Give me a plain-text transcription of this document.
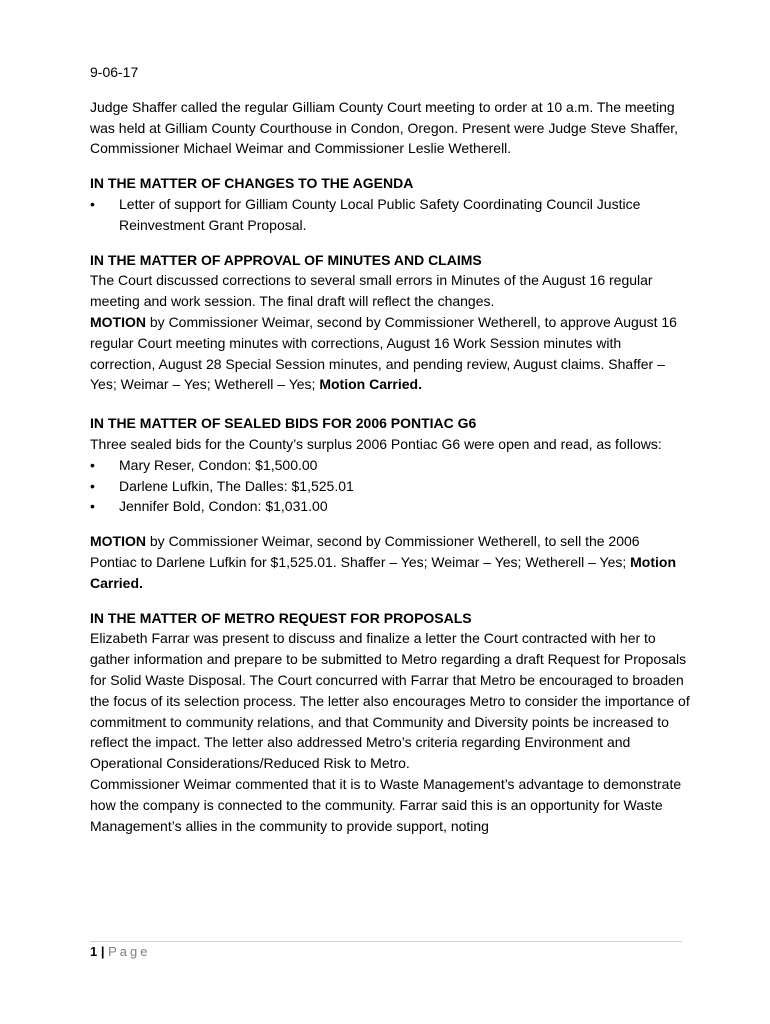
9-06-17

Judge Shaffer called the regular Gilliam County Court meeting to order at 10 a.m. The meeting was held at Gilliam County Courthouse in Condon, Oregon. Present were Judge Steve Shaffer, Commissioner Michael Weimar and Commissioner Leslie Wetherell.

IN THE MATTER OF CHANGES TO THE AGENDA

• Letter of support for Gilliam County Local Public Safety Coordinating Council Justice Reinvestment Grant Proposal.

IN THE MATTER OF APPROVAL OF MINUTES AND CLAIMS

The Court discussed corrections to several small errors in Minutes of the August 16 regular meeting and work session. The final draft will reflect the changes.

MOTION by Commissioner Weimar, second by Commissioner Wetherell, to approve August 16 regular Court meeting minutes with corrections, August 16 Work Session minutes with correction, August 28 Special Session minutes, and pending review, August claims. Shaffer – Yes; Weimar – Yes; Wetherell – Yes; Motion Carried.

IN THE MATTER OF SEALED BIDS FOR 2006 PONTIAC G6

Three sealed bids for the County’s surplus 2006 Pontiac G6 were open and read, as follows:

• Mary Reser, Condon: $1,500.00
• Darlene Lufkin, The Dalles: $1,525.01
• Jennifer Bold, Condon: $1,031.00

MOTION by Commissioner Weimar, second by Commissioner Wetherell, to sell the 2006 Pontiac to Darlene Lufkin for $1,525.01. Shaffer – Yes; Weimar – Yes; Wetherell – Yes; Motion Carried.

IN THE MATTER OF METRO REQUEST FOR PROPOSALS

Elizabeth Farrar was present to discuss and finalize a letter the Court contracted with her to gather information and prepare to be submitted to Metro regarding a draft Request for Proposals for Solid Waste Disposal. The Court concurred with Farrar that Metro be encouraged to broaden the focus of its selection process. The letter also encourages Metro to consider the importance of commitment to community relations, and that Community and Diversity points be increased to reflect the impact. The letter also addressed Metro’s criteria regarding Environment and Operational Considerations/Reduced Risk to Metro.

Commissioner Weimar commented that it is to Waste Management’s advantage to demonstrate how the company is connected to the community. Farrar said this is an opportunity for Waste Management’s allies in the community to provide support, noting

1 | Page
